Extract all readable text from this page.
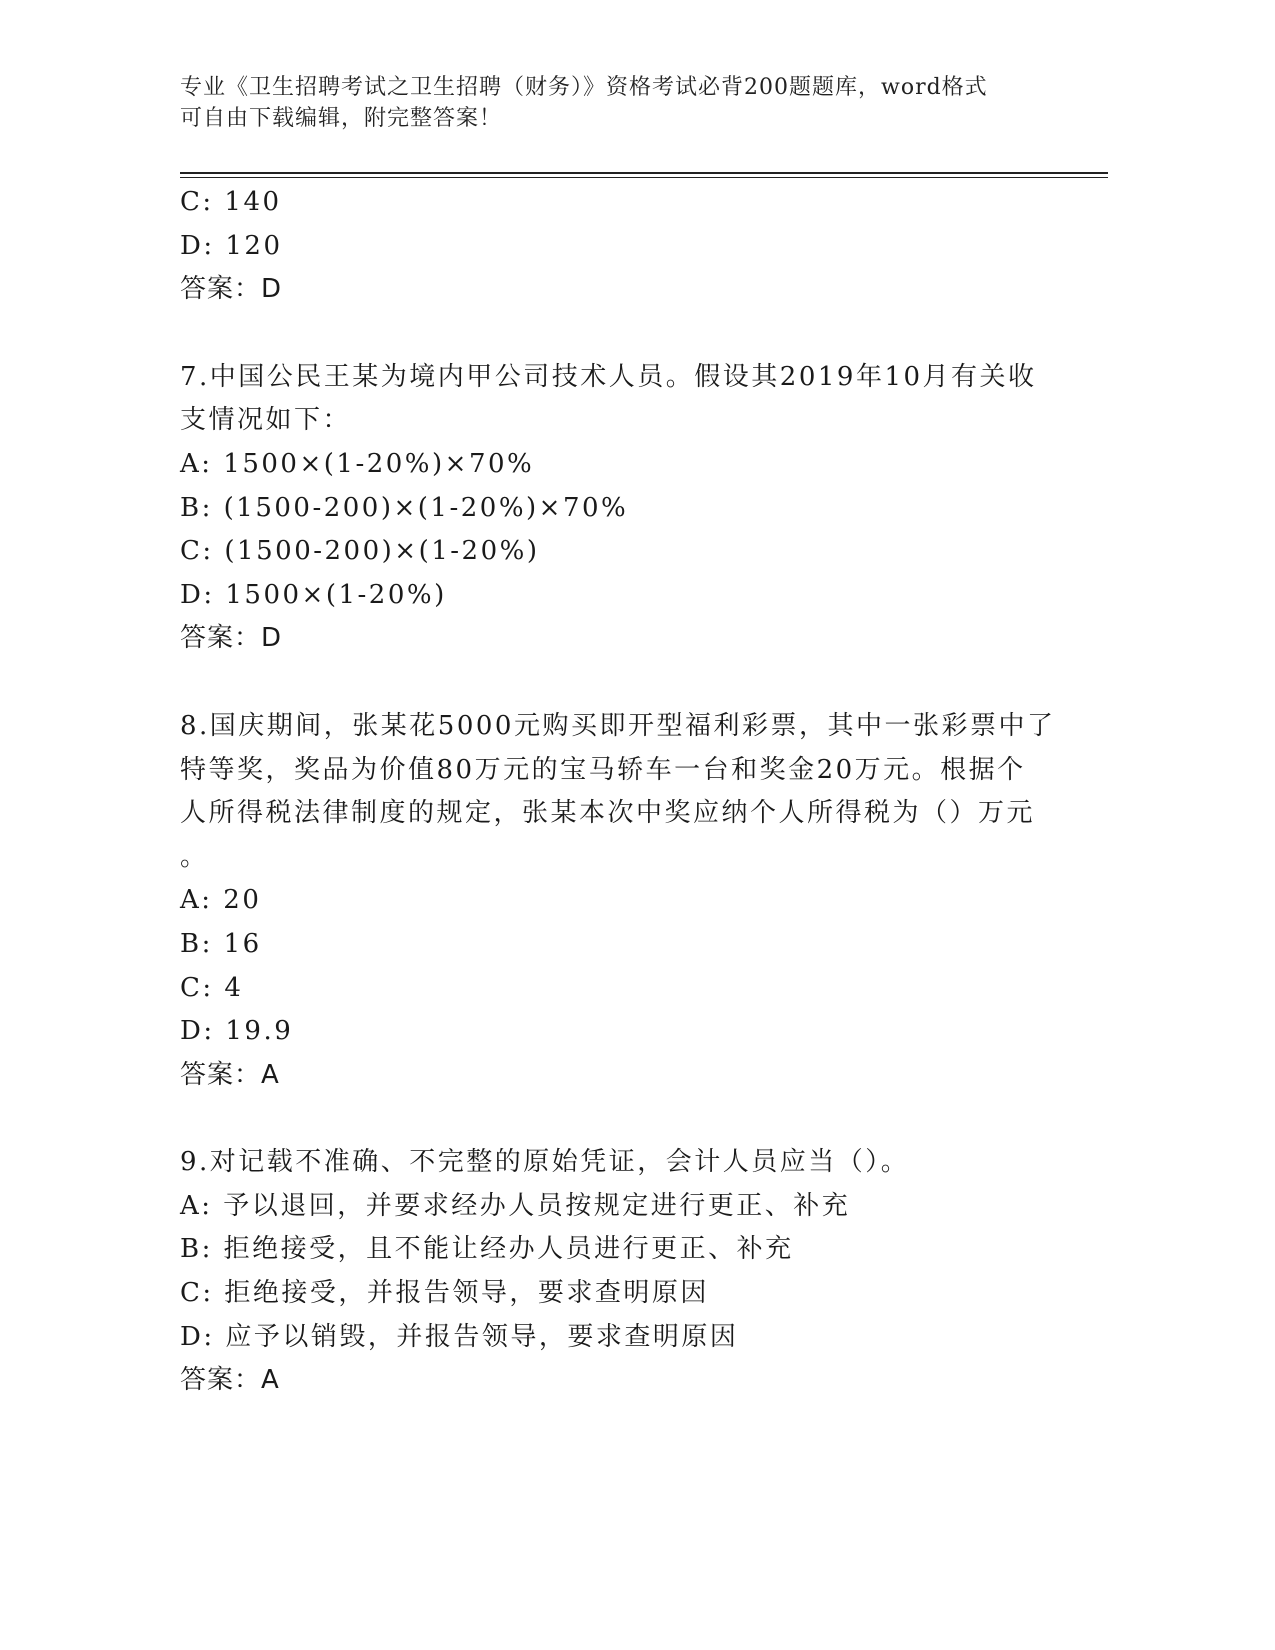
专业《卫生招聘考试之卫生招聘（财务）》资格考试必背200题题库，word格式
可自由下载编辑，附完整答案！

C: 140

D: 120

答案：D

7.中国公民王某为境内甲公司技术人员。假设其2019年10月有关收

支情况如下：

A: 1500×(1-20%)×70%

B: (1500-200)×(1-20%)×70%

C: (1500-200)×(1-20%)

D: 1500×(1-20%)

答案：D

8.国庆期间，张某花5000元购买即开型福利彩票，其中一张彩票中了

特等奖，奖品为价值80万元的宝马轿车一台和奖金20万元。根据个

人所得税法律制度的规定，张某本次中奖应纳个人所得税为（）万元

。

A: 20

B: 16

C: 4

D: 19.9

答案：A

9.对记载不准确、不完整的原始凭证，会计人员应当（）。

A: 予以退回，并要求经办人员按规定进行更正、补充

B: 拒绝接受，且不能让经办人员进行更正、补充

C: 拒绝接受，并报告领导，要求查明原因

D: 应予以销毁，并报告领导，要求查明原因

答案：A
